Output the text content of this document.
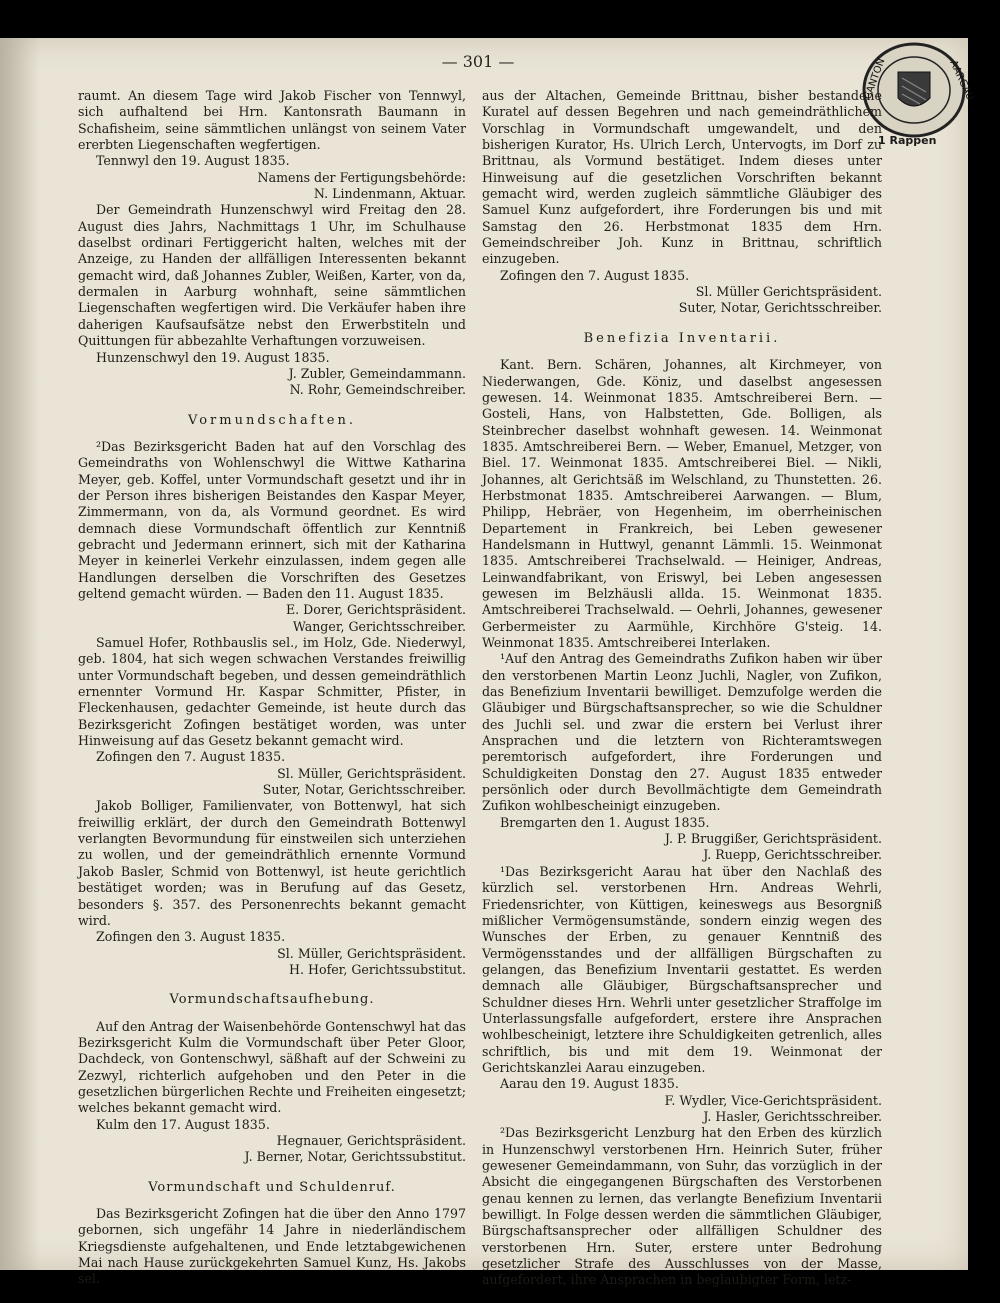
— 301 —	CANTON	AARGAU
1 Rappen

raumt. An diesem Tage wird Jakob Fischer von Tennwyl, sich aufhaltend bei Hrn. Kantonsrath Baumann in Schafisheim, seine sämmtlichen unlängst von seinem Vater ererbten Liegenschaften wegfertigen.

Tennwyl den 19. August 1835.

Namens der Fertigungsbehörde:

N. Lindenmann, Aktuar.

Der Gemeindrath Hunzenschwyl wird Freitag den 28. August dies Jahrs, Nachmittags 1 Uhr, im Schulhause daselbst ordinari Fertiggericht halten, welches mit der Anzeige, zu Handen der allfälligen Interessenten bekannt gemacht wird, daß Johannes Zubler, Weißen, Karter, von da, dermalen in Aarburg wohnhaft, seine sämmtlichen Liegenschaften wegfertigen wird. Die Verkäufer haben ihre daherigen Kaufsaufsätze nebst den Erwerbstiteln und Quittungen für abbezahlte Verhaftungen vorzuweisen.

Hunzenschwyl den 19. August 1835.

J. Zubler, Gemeindammann.

N. Rohr, Gemeindschreiber.

Vormundschaften.

²Das Bezirksgericht Baden hat auf den Vorschlag des Gemeindraths von Wohlenschwyl die Wittwe Katharina Meyer, geb. Koffel, unter Vormundschaft gesetzt und ihr in der Person ihres bisherigen Beistandes den Kaspar Meyer, Zimmermann, von da, als Vormund geordnet. Es wird demnach diese Vormundschaft öffentlich zur Kenntniß gebracht und Jedermann erinnert, sich mit der Katharina Meyer in keinerlei Verkehr einzulassen, indem gegen alle Handlungen derselben die Vorschriften des Gesetzes geltend gemacht würden. — Baden den 11. August 1835.

E. Dorer, Gerichtspräsident.

Wanger, Gerichtsschreiber.

Samuel Hofer, Rothbauslis sel., im Holz, Gde. Niederwyl, geb. 1804, hat sich wegen schwachen Verstandes freiwillig unter Vormundschaft begeben, und dessen gemeindräthlich ernennter Vormund Hr. Kaspar Schmitter, Pfister, in Fleckenhausen, gedachter Gemeinde, ist heute durch das Bezirksgericht Zofingen bestätiget worden, was unter Hinweisung auf das Gesetz bekannt gemacht wird.

Zofingen den 7. August 1835.

Sl. Müller, Gerichtspräsident.

Suter, Notar, Gerichtsschreiber.

Jakob Bolliger, Familienvater, von Bottenwyl, hat sich freiwillig erklärt, der durch den Gemeindrath Bottenwyl verlangten Bevormundung für einstweilen sich unterziehen zu wollen, und der gemeindräthlich ernennte Vormund Jakob Basler, Schmid von Bottenwyl, ist heute gerichtlich bestätiget worden; was in Berufung auf das Gesetz, besonders §. 357. des Personenrechts bekannt gemacht wird.

Zofingen den 3. August 1835.

Sl. Müller, Gerichtspräsident.

H. Hofer, Gerichtssubstitut.

Vormundschaftsaufhebung.

Auf den Antrag der Waisenbehörde Gontenschwyl hat das Bezirksgericht Kulm die Vormundschaft über Peter Gloor, Dachdeck, von Gontenschwyl, säßhaft auf der Schweini zu Zezwyl, richterlich aufgehoben und den Peter in die gesetzlichen bürgerlichen Rechte und Freiheiten eingesetzt; welches bekannt gemacht wird.

Kulm den 17. August 1835.

Hegnauer, Gerichtspräsident.

J. Berner, Notar, Gerichtssubstitut.

Vormundschaft und Schuldenruf.

Das Bezirksgericht Zofingen hat die über den Anno 1797 gebornen, sich ungefähr 14 Jahre in niederländischem Kriegsdienste aufgehaltenen, und Ende letztabgewichenen Mai nach Hause zurückgekehrten Samuel Kunz, Hs. Jakobs sel.

aus der Altachen, Gemeinde Brittnau, bisher bestandene Kuratel auf dessen Begehren und nach gemeindräthlichem Vorschlag in Vormundschaft umgewandelt, und den bisherigen Kurator, Hs. Ulrich Lerch, Untervogts, im Dorf zu Brittnau, als Vormund bestätiget. Indem dieses unter Hinweisung auf die gesetzlichen Vorschriften bekannt gemacht wird, werden zugleich sämmtliche Gläubiger des Samuel Kunz aufgefordert, ihre Forderungen bis und mit Samstag den 26. Herbstmonat 1835 dem Hrn. Gemeindschreiber Joh. Kunz in Brittnau, schriftlich einzugeben.

Zofingen den 7. August 1835.

Sl. Müller Gerichtspräsident.

Suter, Notar, Gerichtsschreiber.

Benefizia Inventarii.

Kant. Bern. Schären, Johannes, alt Kirchmeyer, von Niederwangen, Gde. Köniz, und daselbst angesessen gewesen. 14. Weinmonat 1835. Amtschreiberei Bern. — Gosteli, Hans, von Halbstetten, Gde. Bolligen, als Steinbrecher daselbst wohnhaft gewesen. 14. Weinmonat 1835. Amtschreiberei Bern. — Weber, Emanuel, Metzger, von Biel. 17. Weinmonat 1835. Amtschreiberei Biel. — Nikli, Johannes, alt Gerichtsäß im Welschland, zu Thunstetten. 26. Herbstmonat 1835. Amtschreiberei Aarwangen. — Blum, Philipp, Hebräer, von Hegenheim, im oberrheinischen Departement in Frankreich, bei Leben gewesener Handelsmann in Huttwyl, genannt Lämmli. 15. Weinmonat 1835. Amtschreiberei Trachselwald. — Heiniger, Andreas, Leinwandfabrikant, von Eriswyl, bei Leben angesessen gewesen im Belzhäusli allda. 15. Weinmonat 1835. Amtschreiberei Trachselwald. — Oehrli, Johannes, gewesener Gerbermeister zu Aarmühle, Kirchhöre G'steig. 14. Weinmonat 1835. Amtschreiberei Interlaken.

¹Auf den Antrag des Gemeindraths Zufikon haben wir über den verstorbenen Martin Leonz Juchli, Nagler, von Zufikon, das Benefizium Inventarii bewilliget. Demzufolge werden die Gläubiger und Bürgschaftsansprecher, so wie die Schuldner des Juchli sel. und zwar die erstern bei Verlust ihrer Ansprachen und die letztern von Richteramtswegen peremtorisch aufgefordert, ihre Forderungen und Schuldigkeiten Donstag den 27. August 1835 entweder persönlich oder durch Bevollmächtigte dem Gemeindrath Zufikon wohlbescheinigt einzugeben.

Bremgarten den 1. August 1835.

J. P. Bruggißer, Gerichtspräsident.

J. Ruepp, Gerichtsschreiber.

¹Das Bezirksgericht Aarau hat über den Nachlaß des kürzlich sel. verstorbenen Hrn. Andreas Wehrli, Friedensrichter, von Küttigen, keineswegs aus Besorgniß mißlicher Vermögensumstände, sondern einzig wegen des Wunsches der Erben, zu genauer Kenntniß des Vermögensstandes und der allfälligen Bürgschaften zu gelangen, das Benefizium Inventarii gestattet. Es werden demnach alle Gläubiger, Bürgschaftsansprecher und Schuldner dieses Hrn. Wehrli unter gesetzlicher Straffolge im Unterlassungsfalle aufgefordert, erstere ihre Ansprachen wohlbescheinigt, letztere ihre Schuldigkeiten getrenlich, alles schriftlich, bis und mit dem 19. Weinmonat der Gerichtskanzlei Aarau einzugeben.

Aarau den 19. August 1835.

F. Wydler, Vice-Gerichtspräsident.

J. Hasler, Gerichtsschreiber.

²Das Bezirksgericht Lenzburg hat den Erben des kürzlich in Hunzenschwyl verstorbenen Hrn. Heinrich Suter, früher gewesener Gemeindammann, von Suhr, das vorzüglich in der Absicht die eingegangenen Bürgschaften des Verstorbenen genau kennen zu lernen, das verlangte Benefizium Inventarii bewilligt. In Folge dessen werden die sämmtlichen Gläubiger, Bürgschaftsansprecher oder allfälligen Schuldner des verstorbenen Hrn. Suter, erstere unter Bedrohung gesetzlicher Strafe des Ausschlusses von der Masse, aufgefordert, ihre Ansprachen in beglaubigter Form, letz-
